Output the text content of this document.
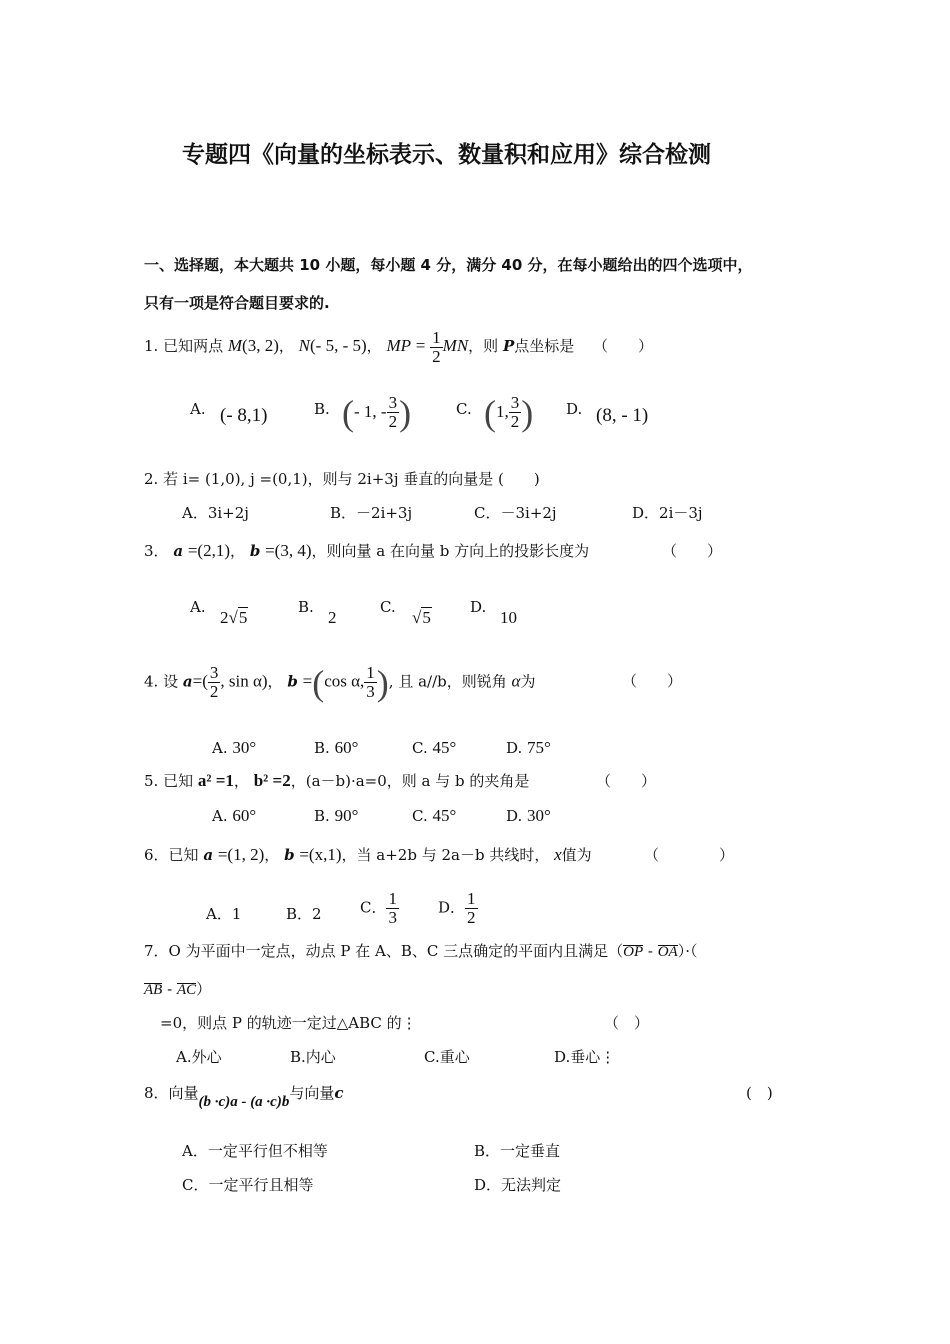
专题四《向量的坐标表示、数量积和应用》综合检测
一、选择题，本大题共 10 小题，每小题 4 分，满分 40 分，在每小题给出的四个选项中，
只有一项是符合题目要求的.
1. 已知两点 M(3, 2)， N(- 5, - 5)， MP = $\frac{1}{2}$ MN，则 P点坐标是 （　　）
A. (- 8,1)	B. (- 1, - $\frac{3}{2}$ )	C. (1, $\frac{3}{2}$ ) D. (8, - 1)
2. 若 i= (1,0), j =(0,1)，则与 2i+3j 垂直的向量是 (　　)
A．3i+2j	B．－2i+3j	C．－3i+2j	D．2i－3j
3． a =(2,1)， b =(3, 4)，则向量 a 在向量 b 方向上的投影长度为	（　　）
A.
2√5
B.
2
C.
√5
D.
10
4. 设 $a=( \frac{3}{2}$ , sin α)， b =(cos α, $\frac{1}{3}$ ), 且 a//b，则锐角 α为	（　　）
A. 30°	B. 60°	C. 45°	D. 75°
5. 已知 a² =1， b² =2，(a－b)·a=0，则 a 与 b 的夹角是	（　　）
A. 60°	B. 90°	C. 45°	D. 30°
6．已知 a =(1, 2)， b =(x,1)，当 a+2b 与 2a－b 共线时， x值为	（　　　　）
A．1	B．2	C． $\frac{1}{3}$	D． $\frac{1}{2}$
7．O 为平面中一定点，动点 P 在 A、B、C 三点确定的平面内且满足（OP - OA）·（
AB - AC）
=0，则点 P 的轨迹一定过△ABC 的⋮	（　）
A.外心	B.内心	C.重心	D.垂心⋮
8．向量(b ·c)a - (a ·c)b与向量c	(　)
A．一定平行但不相等	B．一定垂直
C．一定平行且相等	D．无法判定
